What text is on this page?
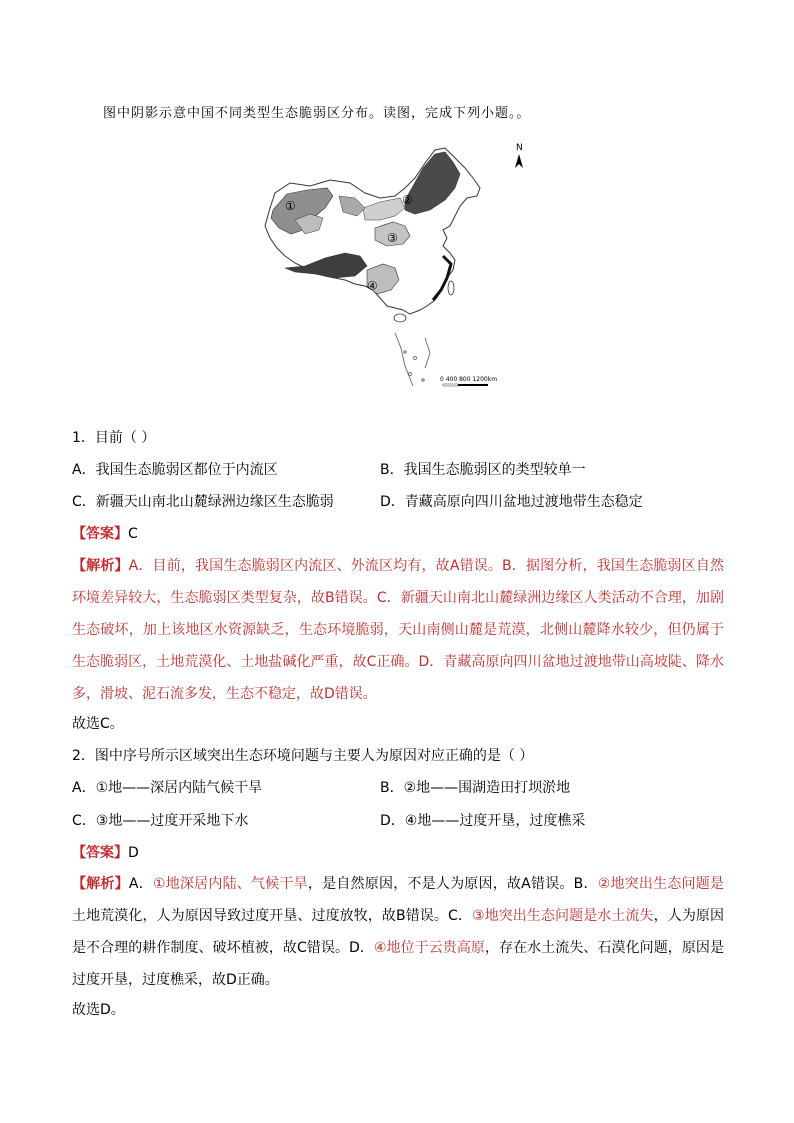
图中阴影示意中国不同类型生态脆弱区分布。读图，完成下列小题。。
N
①	②
③
④
0 400 800 1200km
1．目前（ ）
A．我国生态脆弱区都位于内流区	B．我国生态脆弱区的类型较单一
C．新疆天山南北山麓绿洲边缘区生态脆弱	D．青藏高原向四川盆地过渡地带生态稳定
【答案】C
【解析】A．目前，我国生态脆弱区内流区、外流区均有，故A错误。B．据图分析，我国生态脆弱区自然环境差异较大，生态脆弱区类型复杂，故B错误。C．新疆天山南北山麓绿洲边缘区人类活动不合理，加剧生态破坏，加上该地区水资源缺乏，生态环境脆弱，天山南侧山麓是荒漠，北侧山麓降水较少，但仍属于生态脆弱区，土地荒漠化、土地盐碱化严重，故C正确。D．青藏高原向四川盆地过渡地带山高坡陡、降水多，滑坡、泥石流多发，生态不稳定，故D错误。
故选C。
2．图中序号所示区域突出生态环境问题与主要人为原因对应正确的是（ ）
A．①地——深居内陆气候干旱	B．②地——围湖造田打坝淤地
C．③地——过度开采地下水	D．④地——过度开垦，过度樵采
【答案】D
【解析】A．①地深居内陆、气候干旱，是自然原因，不是人为原因，故A错误。B．②地突出生态问题是土地荒漠化，人为原因导致过度开垦、过度放牧，故B错误。C．③地突出生态问题是水土流失，人为原因是不合理的耕作制度、破坏植被，故C错误。D．④地位于云贵高原，存在水土流失、石漠化问题，原因是过度开垦，过度樵采，故D正确。
故选D。
